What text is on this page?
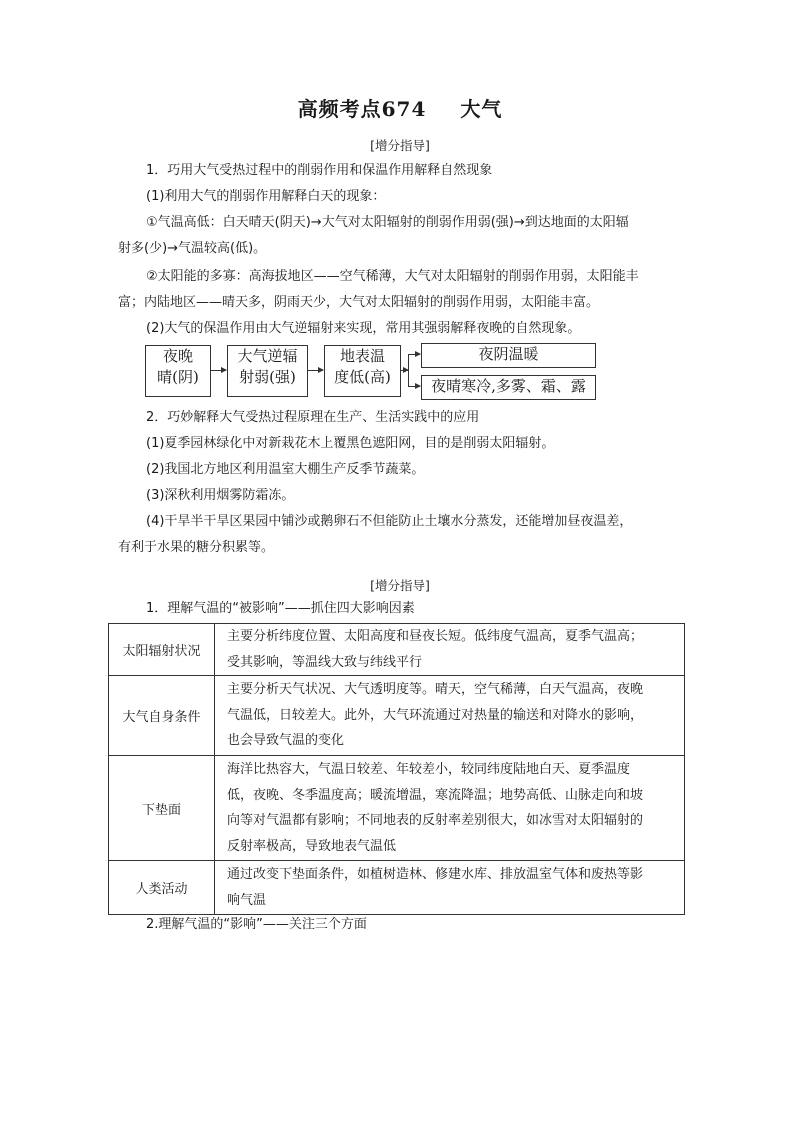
高频考点674 大气
[增分指导]
1．巧用大气受热过程中的削弱作用和保温作用解释自然现象
(1)利用大气的削弱作用解释白天的现象：
①气温高低：白天晴天(阴天)→大气对太阳辐射的削弱作用弱(强)→到达地面的太阳辐
射多(少)→气温较高(低)。
②太阳能的多寡：高海拔地区——空气稀薄，大气对太阳辐射的削弱作用弱，太阳能丰
富；内陆地区——晴天多，阴雨天少，大气对太阳辐射的削弱作用弱，太阳能丰富。
(2)大气的保温作用由大气逆辐射来实现，常用其强弱解释夜晚的自然现象。
夜晚
晴(阴)
大气逆辐
射弱(强)
地表温
度低(高)
夜阴温暖
夜晴寒冷,多雾、霜、露
2．巧妙解释大气受热过程原理在生产、生活实践中的应用
(1)夏季园林绿化中对新栽花木上覆黑色遮阳网，目的是削弱太阳辐射。
(2)我国北方地区利用温室大棚生产反季节蔬菜。
(3)深秋利用烟雾防霜冻。
(4)干旱半干旱区果园中铺沙或鹅卵石不但能防止土壤水分蒸发，还能增加昼夜温差，
有利于水果的糖分积累等。
[增分指导]
1．理解气温的“被影响”——抓住四大影响因素
太阳辐射状况	主要分析纬度位置、太阳高度和昼夜长短。低纬度气温高，夏季气温高；
受其影响，等温线大致与纬线平行

大气自身条件	主要分析天气状况、大气透明度等。晴天，空气稀薄，白天气温高，夜晚
气温低，日较差大。此外，大气环流通过对热量的输送和对降水的影响，
也会导致气温的变化

下垫面	海洋比热容大，气温日较差、年较差小，较同纬度陆地白天、夏季温度
低，夜晚、冬季温度高；暖流增温，寒流降温；地势高低、山脉走向和坡
向等对气温都有影响；不同地表的反射率差别很大，如冰雪对太阳辐射的
反射率极高，导致地表气温低

人类活动	通过改变下垫面条件，如植树造林、修建水库、排放温室气体和废热等影
响气温
2.理解气温的“影响”——关注三个方面
